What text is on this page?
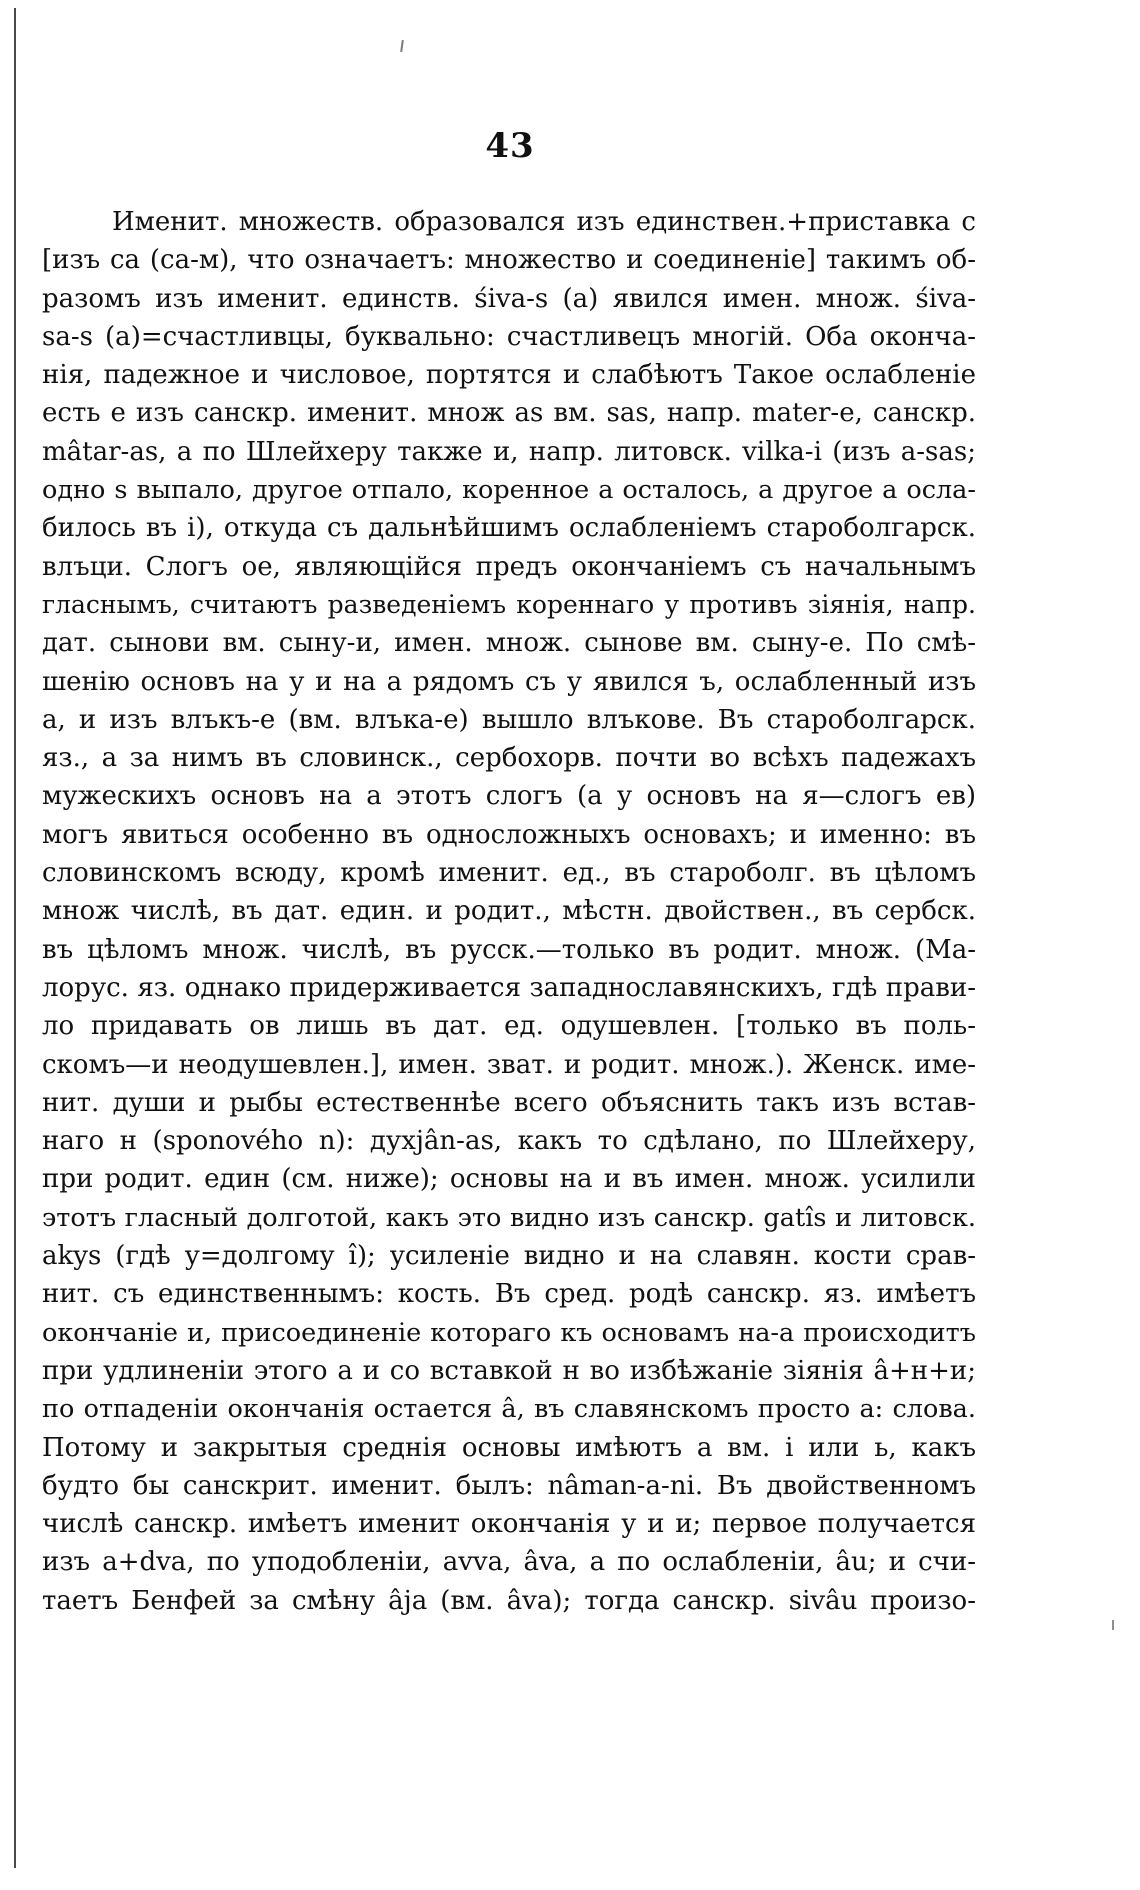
43
Именит. множеств. образовался изъ единствен.+приставка с
[изъ са (са-м), что означаетъ: множество и соединеніе] такимъ об-
разомъ изъ именит. единств. śiva-s (a) явился имен. множ. śiva-
sa-s (a)=счастливцы, буквально: счастливецъ многій. Оба оконча-
нія, падежное и числовое, портятся и слабѣютъ Такое ослабленіе
есть е изъ санскр. именит. множ as вм. sas, напр. mater-e, санскр.
mâtar-as, а по Шлейхеру также и, напр. литовск. vilka-i (изъ a-sas;
одно s выпало, другое отпало, коренное а осталось, а другое а осла-
билось въ i), откуда съ дальнѣйшимъ ослабленіемъ староболгарск.
влъци. Слогъ ое, являющійся предъ окончаніемъ съ начальнымъ
гласнымъ, считаютъ разведеніемъ кореннаго у противъ зіянія, напр.
дат. сынови вм. сыну-и, имен. множ. сынове вм. сыну-е. По смѣ-
шенію основъ на у и на а рядомъ съ у явился ъ, ослабленный изъ
а, и изъ влъкъ-е (вм. влъка-е) вышло влъкове. Въ староболгарск.
яз., а за нимъ въ словинск., сербохорв. почти во всѣхъ падежахъ
мужескихъ основъ на а этотъ слогъ (а у основъ на я—слогъ ев)
могъ явиться особенно въ односложныхъ основахъ; и именно: въ
словинскомъ всюду, кромѣ именит. ед., въ староболг. въ цѣломъ
множ числѣ, въ дат. един. и родит., мѣстн. двойствен., въ сербск.
въ цѣломъ множ. числѣ, въ русск.—только въ родит. множ. (Ма-
лорус. яз. однако придерживается западнославянскихъ, гдѣ прави-
ло придавать ов лишь въ дат. ед. одушевлен. [только въ поль-
скомъ—и неодушевлен.], имен. зват. и родит. множ.). Женск. име-
нит. души и рыбы естественнѣе всего объяснить такъ изъ встав-
наго н (sponového n): духјân-as, какъ то сдѣлано, по Шлейхеру,
при родит. един (см. ниже); основы на и въ имен. множ. усилили
этотъ гласный долготой, какъ это видно изъ санскр. gatîs и литовск.
akys (гдѣ у=долгому î); усиленіе видно и на славян. кости срав-
нит. съ единственнымъ: кость. Въ сред. родѣ санскр. яз. имѣетъ
окончаніе и, присоединеніе котораго къ основамъ на-а происходитъ
при удлиненіи этого а и со вставкой н во избѣжаніе зіянія â+н+и;
по отпаденіи окончанія остается â, въ славянскомъ просто а: слова.
Потому и закрытыя среднія основы имѣютъ а вм. і или ь, какъ
будто бы санскрит. именит. былъ: nâman-a-ni. Въ двойственномъ
числѣ санскр. имѣетъ именит окончанія у и и; первое получается
изъ а+dva, по уподобленіи, avva, âva, а по ослабленіи, âu; и счи-
таетъ Бенфей за смѣну âja (вм. âva); тогда санскр. sivâu произо-
